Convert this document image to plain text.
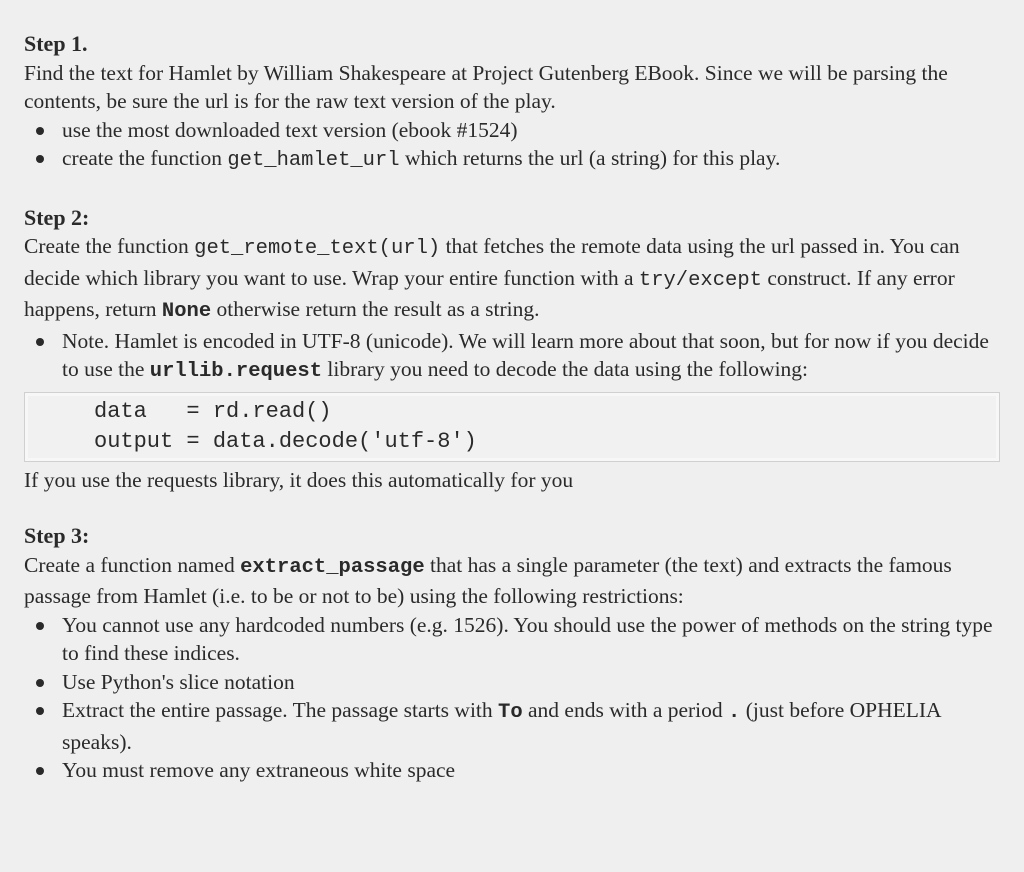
Step 1.

Find the text for Hamlet by William Shakespeare at Project Gutenberg EBook. Since we will be parsing the contents, be sure the url is for the raw text version of the play.

use the most downloaded text version (ebook #1524)
create the function get_hamlet_url which returns the url (a string) for this play.
Step 2:

Create the function get_remote_text(url) that fetches the remote data using the url passed in. You can decide which library you want to use. Wrap your entire function with a try/except construct. If any error happens, return None otherwise return the result as a string.

Note. Hamlet is encoded in UTF-8 (unicode). We will learn more about that soon, but for now if you decide to use the urllib.request library you need to decode the data using the following:
data   = rd.read()
output = data.decode('utf-8')

If you use the requests library, it does this automatically for you

Step 3:

Create a function named extract_passage that has a single parameter (the text) and extracts the famous passage from Hamlet (i.e. to be or not to be) using the following restrictions:

You cannot use any hardcoded numbers (e.g. 1526). You should use the power of methods on the string type to find these indices.
Use Python's slice notation
Extract the entire passage. The passage starts with To and ends with a period . (just before OPHELIA speaks).
You must remove any extraneous white space
